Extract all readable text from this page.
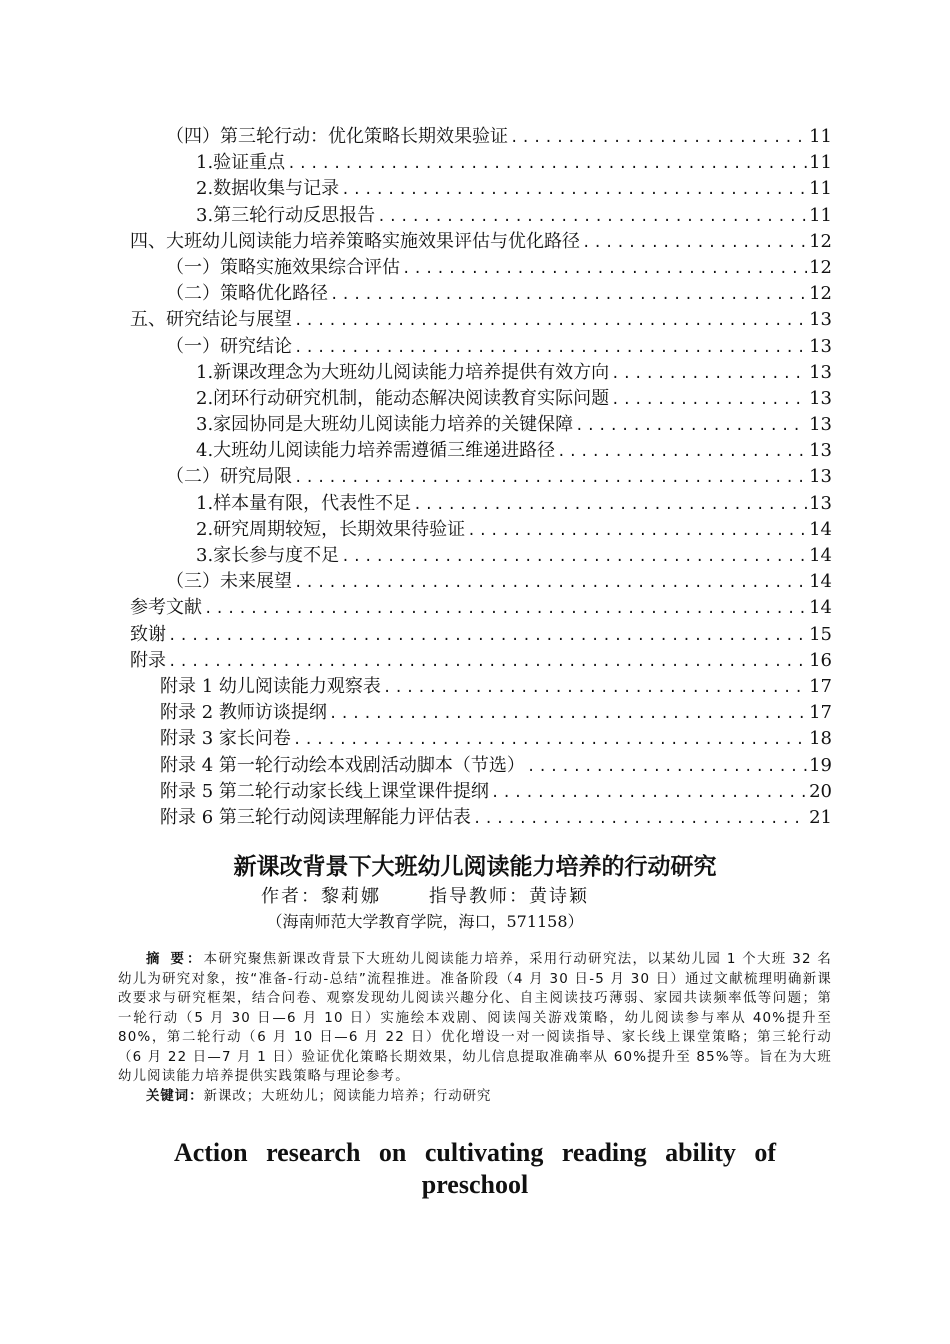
（四）第三轮行动：优化策略长期效果验证 .....	11
1.验证重点 .....	11
2.数据收集与记录 .....	11
3.第三轮行动反思报告 .....	11
四、大班幼儿阅读能力培养策略实施效果评估与优化路径 .....	12
（一）策略实施效果综合评估 .....	12
（二）策略优化路径 .....	12
五、研究结论与展望 .....	13
（一）研究结论 .....	13
1.新课改理念为大班幼儿阅读能力培养提供有效方向 .....	13
2.闭环行动研究机制，能动态解决阅读教育实际问题 .....	13
3.家园协同是大班幼儿阅读能力培养的关键保障 .....	13
4.大班幼儿阅读能力培养需遵循三维递进路径 .....	13
（二）研究局限 .....	13
1.样本量有限，代表性不足 .....	13
2.研究周期较短，长期效果待验证 .....	14
3.家长参与度不足 .....	14
（三）未来展望 .....	14
参考文献 .....	14
致谢 .....	15
附录 .....	16
附录 1 幼儿阅读能力观察表 .....	17
附录 2 教师访谈提纲 .....	17
附录 3 家长问卷 .....	18
附录 4 第一轮行动绘本戏剧活动脚本（节选） .....	19
附录 5 第二轮行动家长线上课堂课件提纲 .....	20
附录 6 第三轮行动阅读理解能力评估表 .....	21
新课改背景下大班幼儿阅读能力培养的行动研究
作者：黎莉娜	指导教师：黄诗颖
（海南师范大学教育学院，海口，571158）
摘 要：本研究聚焦新课改背景下大班幼儿阅读能力培养，采用行动研究法，以某幼儿园 1 个大班 32 名幼儿为研究对象，按“准备-行动-总结”流程推进。准备阶段（4 月 30 日-5 月 30 日）通过文献梳理明确新课改要求与研究框架，结合问卷、观察发现幼儿阅读兴趣分化、自主阅读技巧薄弱、家园共读频率低等问题；第一轮行动（5 月 30 日—6 月 10 日）实施绘本戏剧、阅读闯关游戏策略，幼儿阅读参与率从 40%提升至 80%，第二轮行动（6 月 10 日—6 月 22 日）优化增设一对一阅读指导、家长线上课堂策略；第三轮行动（6 月 22 日—7 月 1 日）验证优化策略长期效果，幼儿信息提取准确率从 60%提升至 85%等。旨在为大班幼儿阅读能力培养提供实践策略与理论参考。
关键词：新课改；大班幼儿；阅读能力培养；行动研究
Action research on cultivating reading ability of preschool
